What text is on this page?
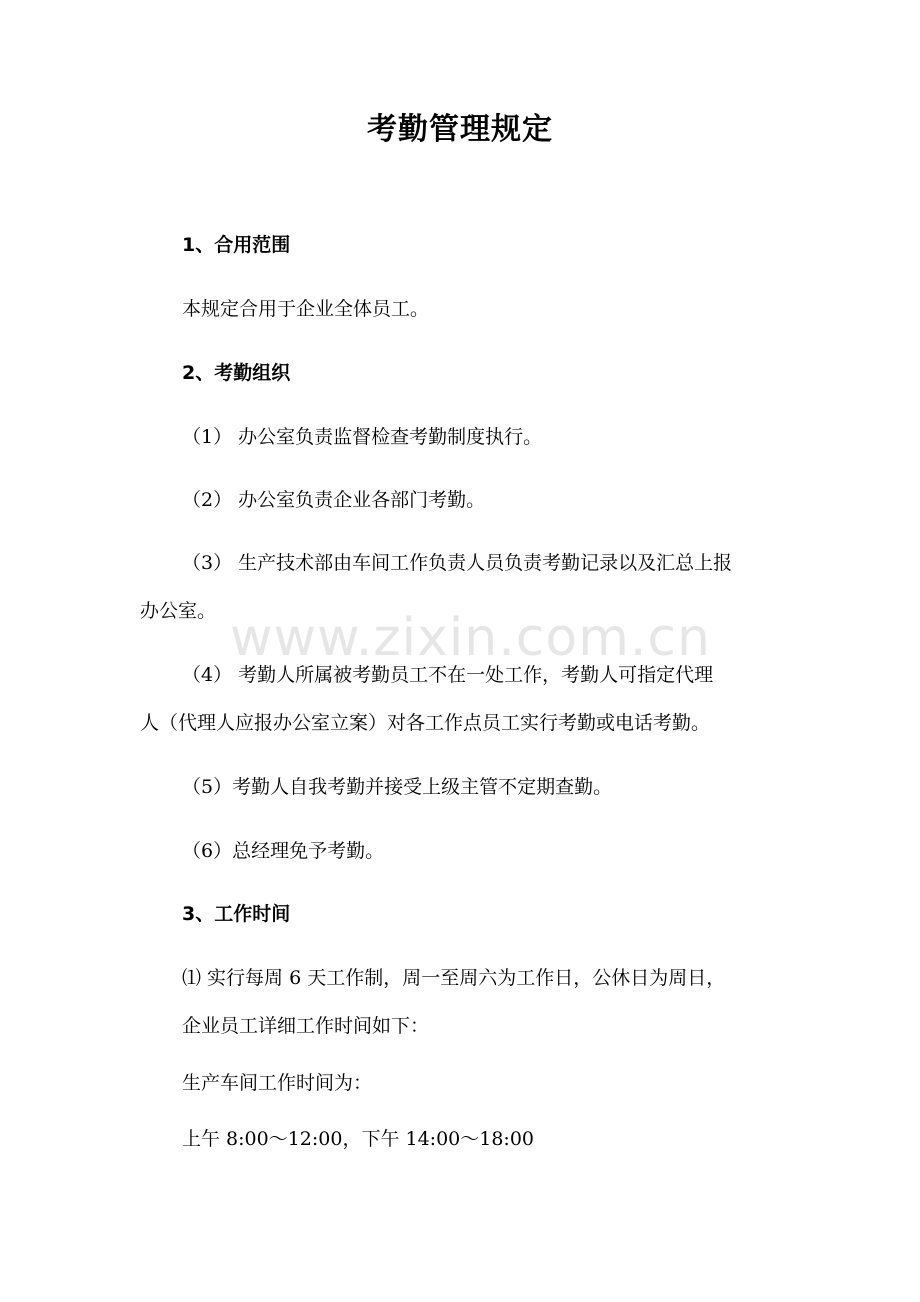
www.zixin.com.cn
考勤管理规定
1、合用范围
本规定合用于企业全体员工。
2、考勤组织
（1） 办公室负责监督检查考勤制度执行。
（2） 办公室负责企业各部门考勤。
（3） 生产技术部由车间工作负责人员负责考勤记录以及汇总上报
办公室。
（4） 考勤人所属被考勤员工不在一处工作，考勤人可指定代理
人（代理人应报办公室立案）对各工作点员工实行考勤或电话考勤。
（5）考勤人自我考勤并接受上级主管不定期查勤。
（6）总经理免予考勤。
3、工作时间
⑴ 实行每周 6 天工作制，周一至周六为工作日，公休日为周日，
企业员工详细工作时间如下：
生产车间工作时间为：
上午 8:00～12:00，下午 14:00～18:00
